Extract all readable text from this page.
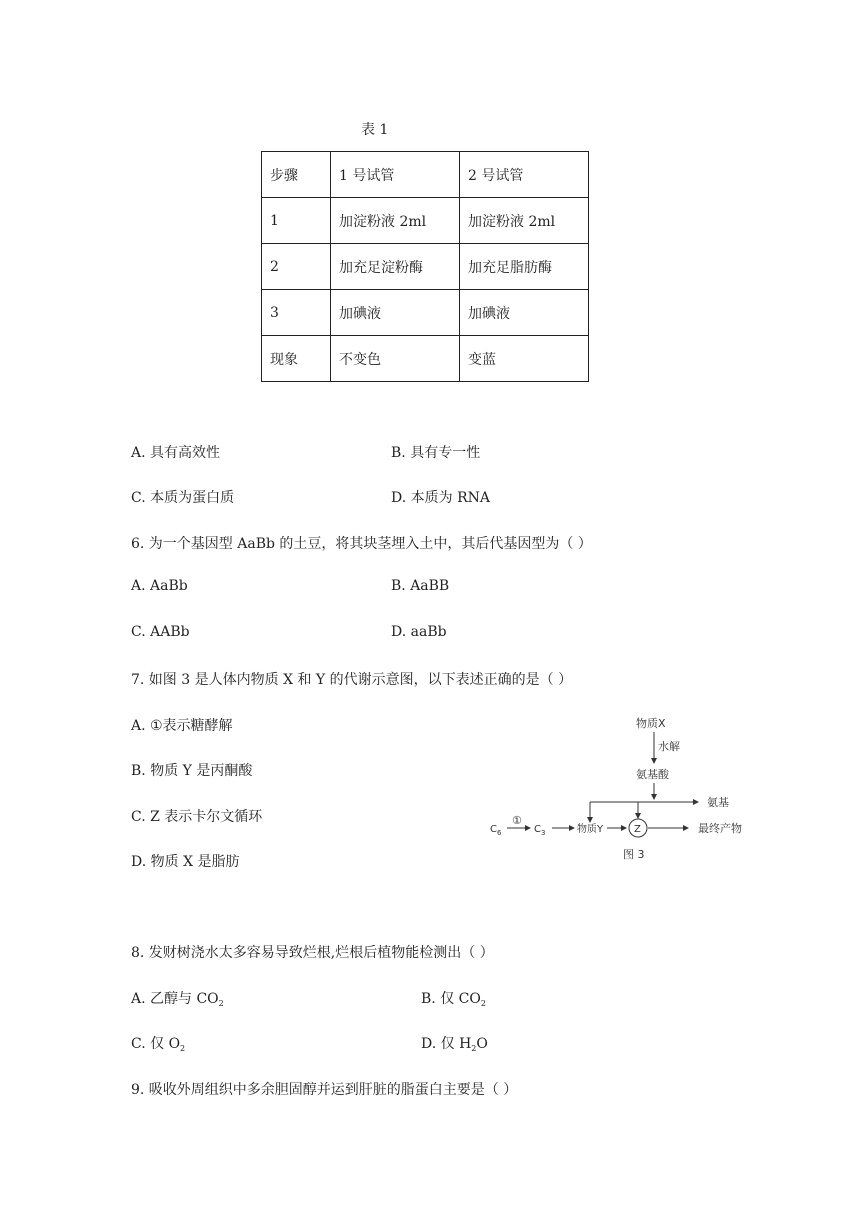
表 1
步骤	1 号试管	2 号试管
1	加淀粉液 2ml	加淀粉液 2ml
2	加充足淀粉酶	加充足脂肪酶
3	加碘液	加碘液
现象	不变色	变蓝
A. 具有高效性	B. 具有专一性
C. 本质为蛋白质	D. 本质为 RNA
6. 为一个基因型 AaBb 的土豆，将其块茎埋入土中，其后代基因型为（ ）
A. AaBb	B. AaBB
C. AABb	D. aaBb
7. 如图 3 是人体内物质 X 和 Y 的代谢示意图，以下表述正确的是（ ）
A. ①表示糖酵解
B. 物质 Y 是丙酮酸
C. Z 表示卡尔文循环
D. 物质 X 是脂肪
物质X
水解
氨基酸
氨基
$C_6$
①
$C_3$	物质Y	Z	最终产物
图 3
8. 发财树浇水太多容易导致烂根,烂根后植物能检测出（ ）
A. 乙醇与 $CO_2$	B. 仅 $CO_2$
C. 仅 $O_2$	D. 仅 $H_2O$
9. 吸收外周组织中多余胆固醇并运到肝脏的脂蛋白主要是（ ）
